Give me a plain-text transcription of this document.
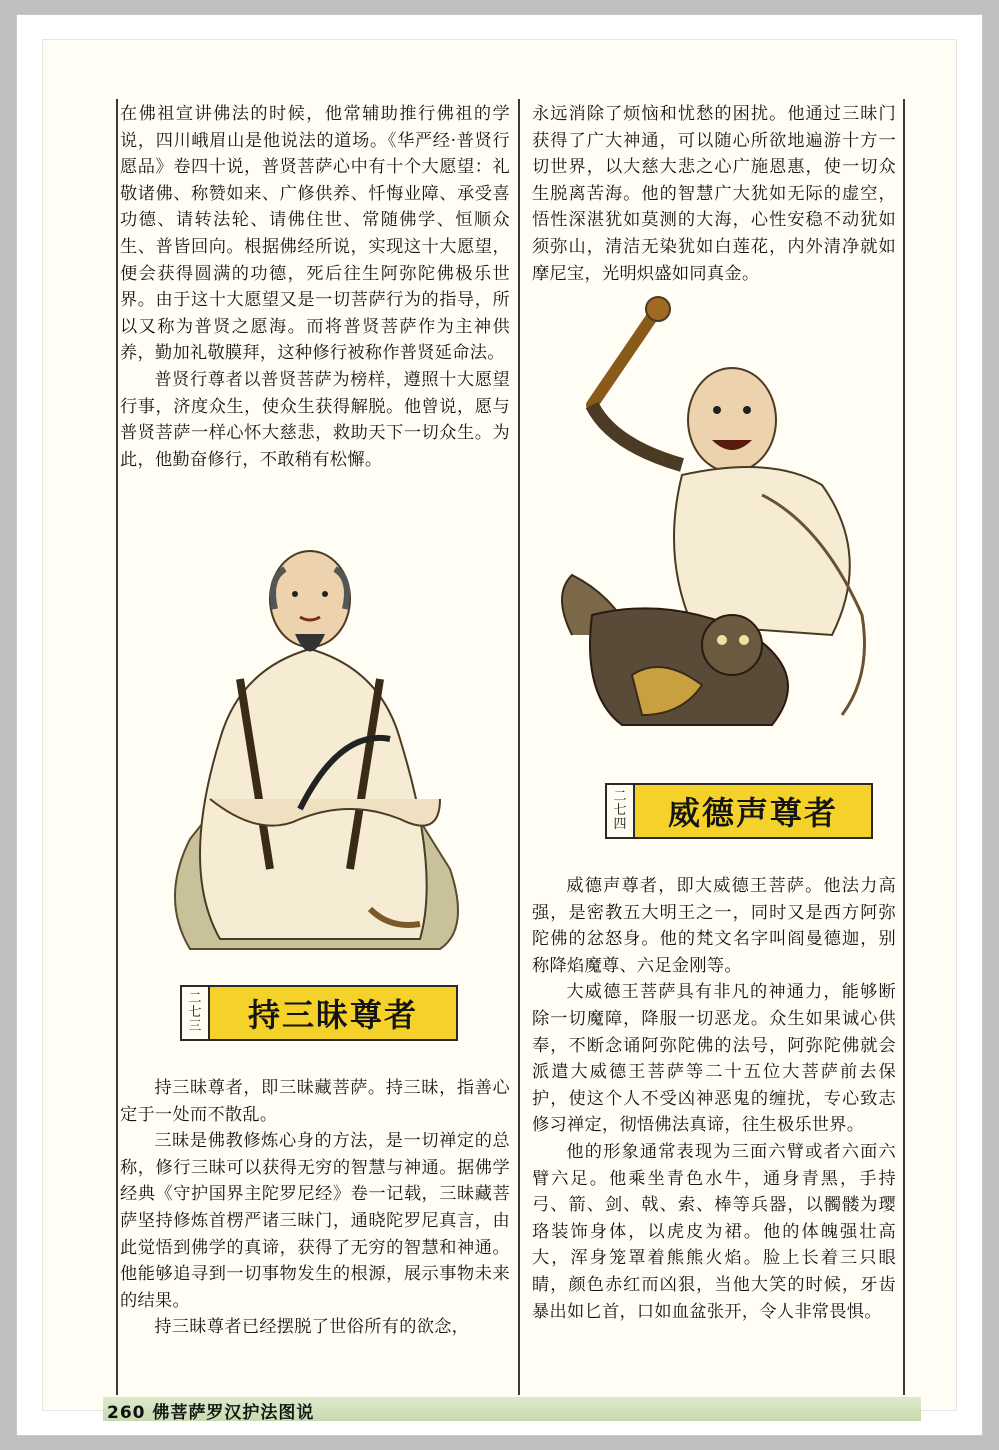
在佛祖宣讲佛法的时候，他常辅助推行佛祖的学说，四川峨眉山是他说法的道场。《华严经·普贤行愿品》卷四十说，普贤菩萨心中有十个大愿望：礼敬诸佛、称赞如来、广修供养、忏悔业障、承受喜功德、请转法轮、请佛住世、常随佛学、恒顺众生、普皆回向。根据佛经所说，实现这十大愿望，便会获得圆满的功德，死后往生阿弥陀佛极乐世界。由于这十大愿望又是一切菩萨行为的指导，所以又称为普贤之愿海。而将普贤菩萨作为主神供养，勤加礼敬膜拜，这种修行被称作普贤延命法。

普贤行尊者以普贤菩萨为榜样，遵照十大愿望行事，济度众生，使众生获得解脱。他曾说，愿与普贤菩萨一样心怀大慈悲，救助天下一切众生。为此，他勤奋修行，不敢稍有松懈。

二
七
三	持三昧尊者

持三昧尊者，即三昧藏菩萨。持三昧，指善心定于一处而不散乱。

三昧是佛教修炼心身的方法，是一切禅定的总称，修行三昧可以获得无穷的智慧与神通。据佛学经典《守护国界主陀罗尼经》卷一记载，三昧藏菩萨坚持修炼首楞严诸三昧门，通晓陀罗尼真言，由此觉悟到佛学的真谛，获得了无穷的智慧和神通。他能够追寻到一切事物发生的根源，展示事物未来的结果。

持三昧尊者已经摆脱了世俗所有的欲念，

永远消除了烦恼和忧愁的困扰。他通过三昧门获得了广大神通，可以随心所欲地遍游十方一切世界，以大慈大悲之心广施恩惠，使一切众生脱离苦海。他的智慧广大犹如无际的虚空，悟性深湛犹如莫测的大海，心性安稳不动犹如须弥山，清洁无染犹如白莲花，内外清净就如摩尼宝，光明炽盛如同真金。

二
七
四	威德声尊者

威德声尊者，即大威德王菩萨。他法力高强，是密教五大明王之一，同时又是西方阿弥陀佛的忿怒身。他的梵文名字叫阎曼德迦，别称降焰魔尊、六足金刚等。

大威德王菩萨具有非凡的神通力，能够断除一切魔障，降服一切恶龙。众生如果诚心供奉，不断念诵阿弥陀佛的法号，阿弥陀佛就会派遣大威德王菩萨等二十五位大菩萨前去保护，使这个人不受凶神恶鬼的缠扰，专心致志修习禅定，彻悟佛法真谛，往生极乐世界。

他的形象通常表现为三面六臂或者六面六臂六足。他乘坐青色水牛，通身青黑，手持弓、箭、剑、戟、索、棒等兵器，以髑髅为璎珞装饰身体，以虎皮为裙。他的体魄强壮高大，浑身笼罩着熊熊火焰。脸上长着三只眼睛，颜色赤红而凶狠，当他大笑的时候，牙齿暴出如匕首，口如血盆张开，令人非常畏惧。

260 佛菩萨罗汉护法图说
